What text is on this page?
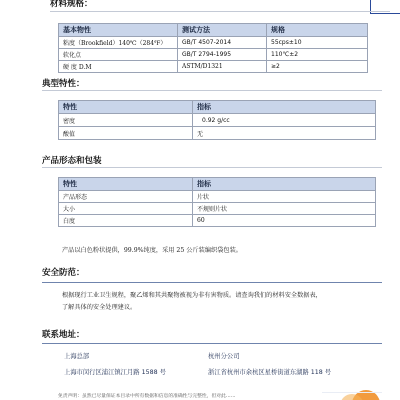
材料规格：
基本物性	测试方法	规格
粘度（Brookfield）140℃（284℉）	GB/T 4507-2014	55cps±10
软化点	GB/T 2794-1995	110℃±2
硬 度 D.M	ASTM/D1321	≥2
典型特性：
特性	指标
密度	0.92 g/cc
酸值	无
产品形态和包装
特性	指标
产品形态	片状
大小	不规则片状
白度	60
产品以白色粉状提供，99.9%纯度，采用 25 公斤装编织袋包装。
安全防范：
根据现行工业卫生规程，聚乙烯和其共聚物被视为非有害物质。请查询我们的材料安全数据表，
了解具体的安全处理建议。
联系地址：
上海总部
上海市闵行区浦江镇江月路 1588 号
杭州分公司
浙江省杭州市余杭区星桥街道东湖路 118 号
免责声明：虽然已尽量保证本目录中所有数据和信息的准确性与完整性，但对此……
